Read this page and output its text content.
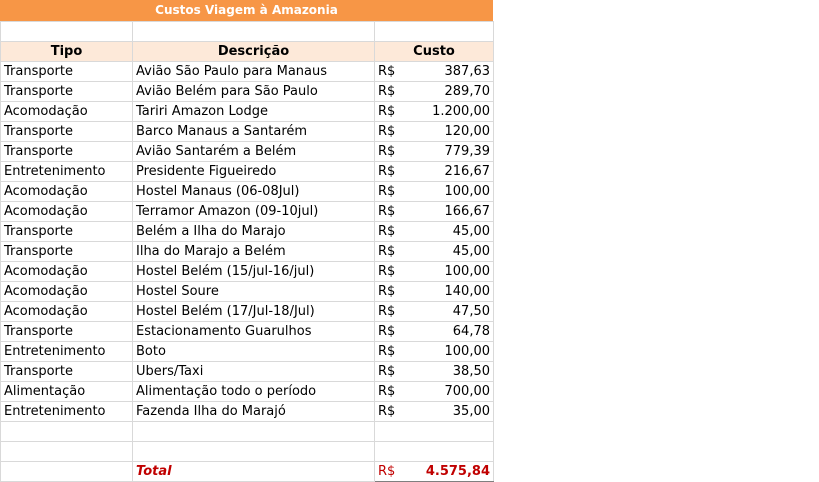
Custos Viagem à Amazonia

Tipo	Descrição	Custo
Transporte	Avião São Paulo para Manaus	R$ 387,63

Transporte	Avião Belém para São Paulo	R$ 289,70

Acomodação	Tariri Amazon Lodge	R$ 1.200,00

Transporte	Barco Manaus a Santarém	R$ 120,00

Transporte	Avião Santarém a Belém	R$ 779,39

Entretenimento	Presidente Figueiredo	R$ 216,67

Acomodação	Hostel Manaus (06-08Jul)	R$ 100,00

Acomodação	Terramor Amazon (09-10jul)	R$ 166,67

Transporte	Belém a Ilha do Marajo	R$ 45,00

Transporte	Ilha do Marajo a Belém	R$ 45,00

Acomodação	Hostel Belém (15/jul-16/jul)	R$ 100,00

Acomodação	Hostel Soure	R$ 140,00

Acomodação	Hostel Belém (17/Jul-18/Jul)	R$ 47,50

Transporte	Estacionamento Guarulhos	R$ 64,78

Entretenimento	Boto	R$ 100,00

Transporte	Ubers/Taxi	R$ 38,50

Alimentação	Alimentação todo o período	R$ 700,00

Entretenimento	Fazenda Ilha do Marajó	R$ 35,00

	Total	R$ 4.575,84
